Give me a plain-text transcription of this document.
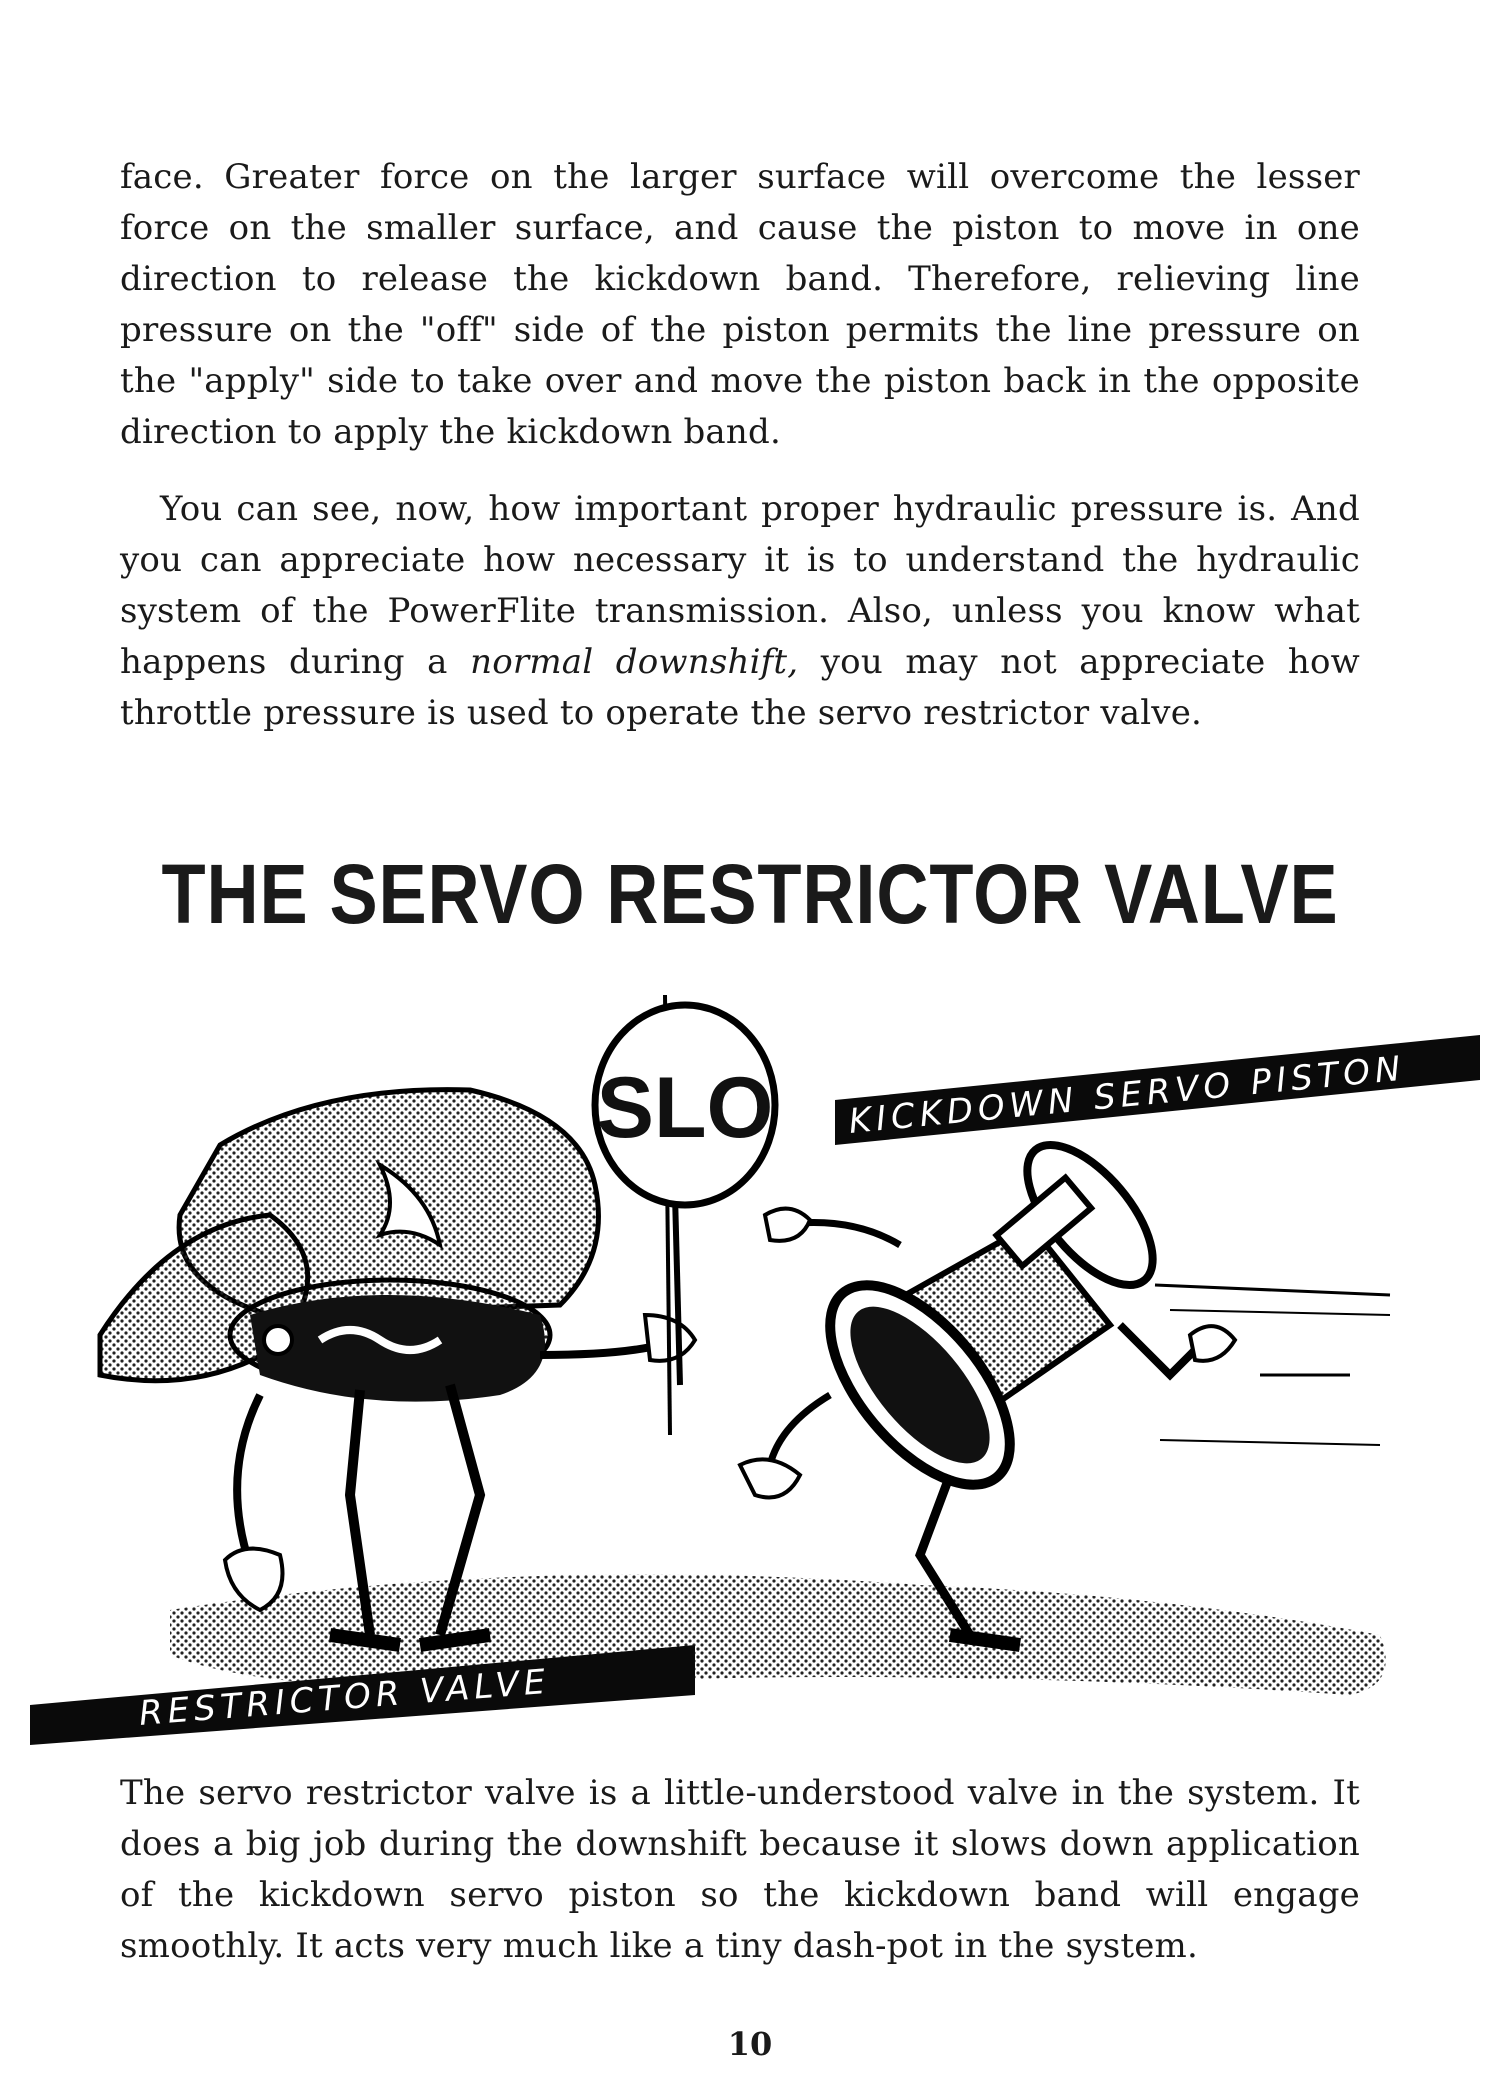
face. Greater force on the larger surface will overcome the lesser force on the smaller surface, and cause the piston to move in one direction to release the kickdown band. Therefore, relieving line pressure on the "off" side of the piston permits the line pressure on the "apply" side to take over and move the piston back in the opposite direction to apply the kickdown band.

You can see, now, how important proper hydraulic pressure is. And you can appreciate how necessary it is to understand the hydraulic system of the PowerFlite transmission. Also, unless you know what happens during a normal downshift, you may not appreciate how throttle pressure is used to operate the servo restrictor valve.

THE SERVO RESTRICTOR VALVE
SLO KICKDOWN SERVO PISTON
RESTRICTOR VALVE

The servo restrictor valve is a little-understood valve in the system. It does a big job during the downshift because it slows down application of the kickdown servo piston so the kickdown band will engage smoothly. It acts very much like a tiny dash-pot in the system.

10
